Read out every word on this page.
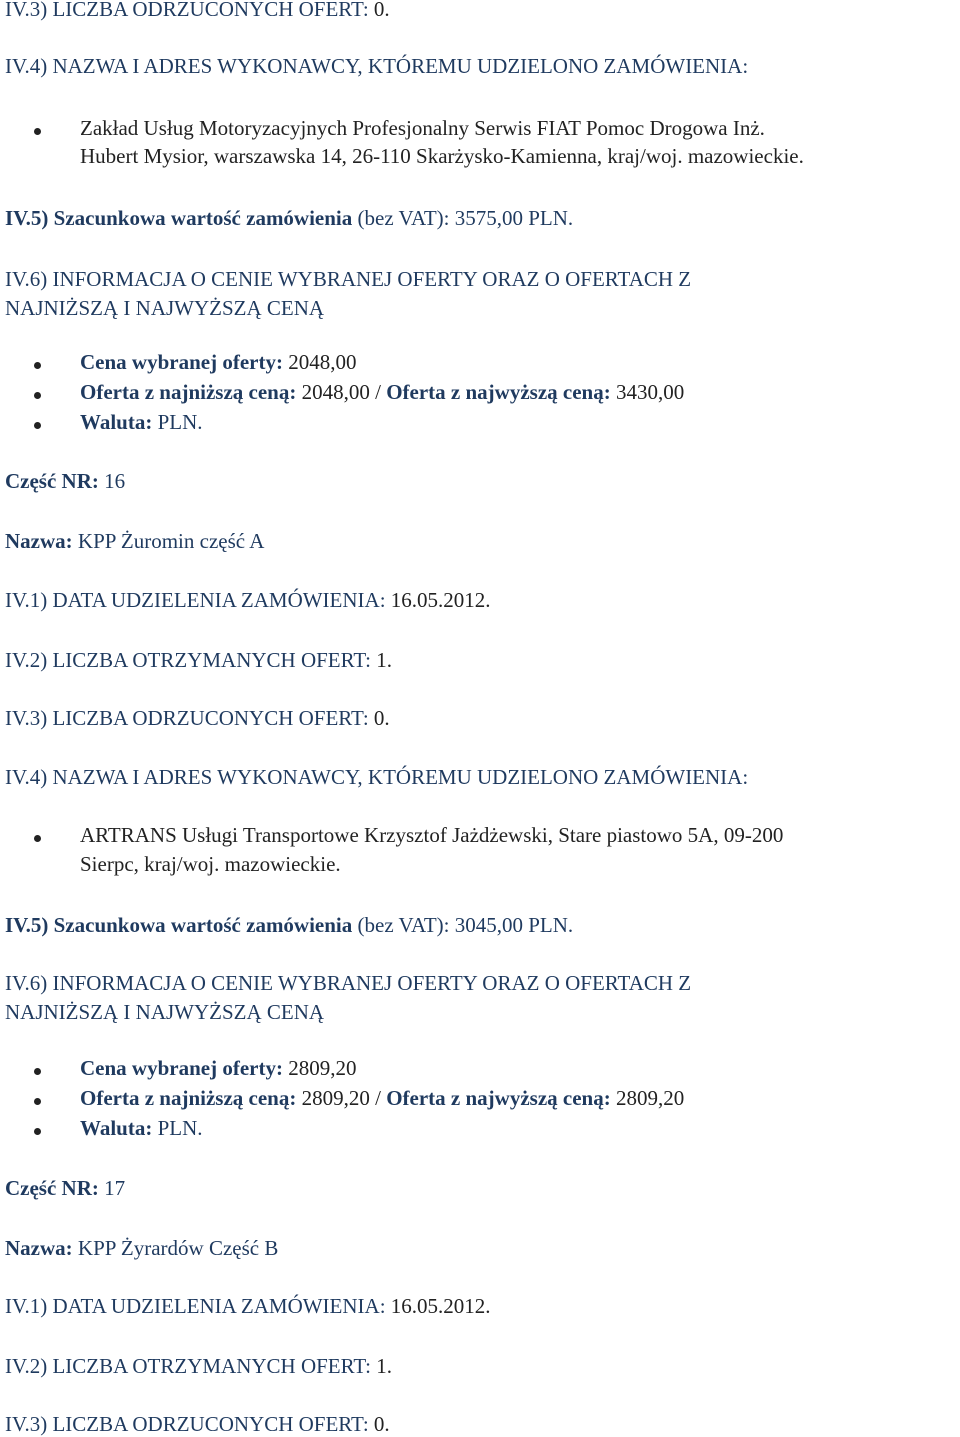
IV.3) LICZBA ODRZUCONYCH OFERT: 0.
IV.4) NAZWA I ADRES WYKONAWCY, KTÓREMU UDZIELONO ZAMÓWIENIA:
Zakład Usług Motoryzacyjnych Profesjonalny Serwis FIAT Pomoc Drogowa Inż.
Hubert Mysior, warszawska 14, 26-110 Skarżysko-Kamienna, kraj/woj. mazowieckie.
IV.5) Szacunkowa wartość zamówienia (bez VAT): 3575,00 PLN.
IV.6) INFORMACJA O CENIE WYBRANEJ OFERTY ORAZ O OFERTACH Z
NAJNIŻSZĄ I NAJWYŻSZĄ CENĄ
Cena wybranej oferty: 2048,00
Oferta z najniższą ceną: 2048,00 / Oferta z najwyższą ceną: 3430,00
Waluta: PLN.
Część NR: 16
Nazwa: KPP Żuromin część A
IV.1) DATA UDZIELENIA ZAMÓWIENIA: 16.05.2012.
IV.2) LICZBA OTRZYMANYCH OFERT: 1.
IV.3) LICZBA ODRZUCONYCH OFERT: 0.
IV.4) NAZWA I ADRES WYKONAWCY, KTÓREMU UDZIELONO ZAMÓWIENIA:
ARTRANS Usługi Transportowe Krzysztof Jażdżewski, Stare piastowo 5A, 09-200
Sierpc, kraj/woj. mazowieckie.
IV.5) Szacunkowa wartość zamówienia (bez VAT): 3045,00 PLN.
IV.6) INFORMACJA O CENIE WYBRANEJ OFERTY ORAZ O OFERTACH Z
NAJNIŻSZĄ I NAJWYŻSZĄ CENĄ
Cena wybranej oferty: 2809,20
Oferta z najniższą ceną: 2809,20 / Oferta z najwyższą ceną: 2809,20
Waluta: PLN.
Część NR: 17
Nazwa: KPP Żyrardów Część B
IV.1) DATA UDZIELENIA ZAMÓWIENIA: 16.05.2012.
IV.2) LICZBA OTRZYMANYCH OFERT: 1.
IV.3) LICZBA ODRZUCONYCH OFERT: 0.
